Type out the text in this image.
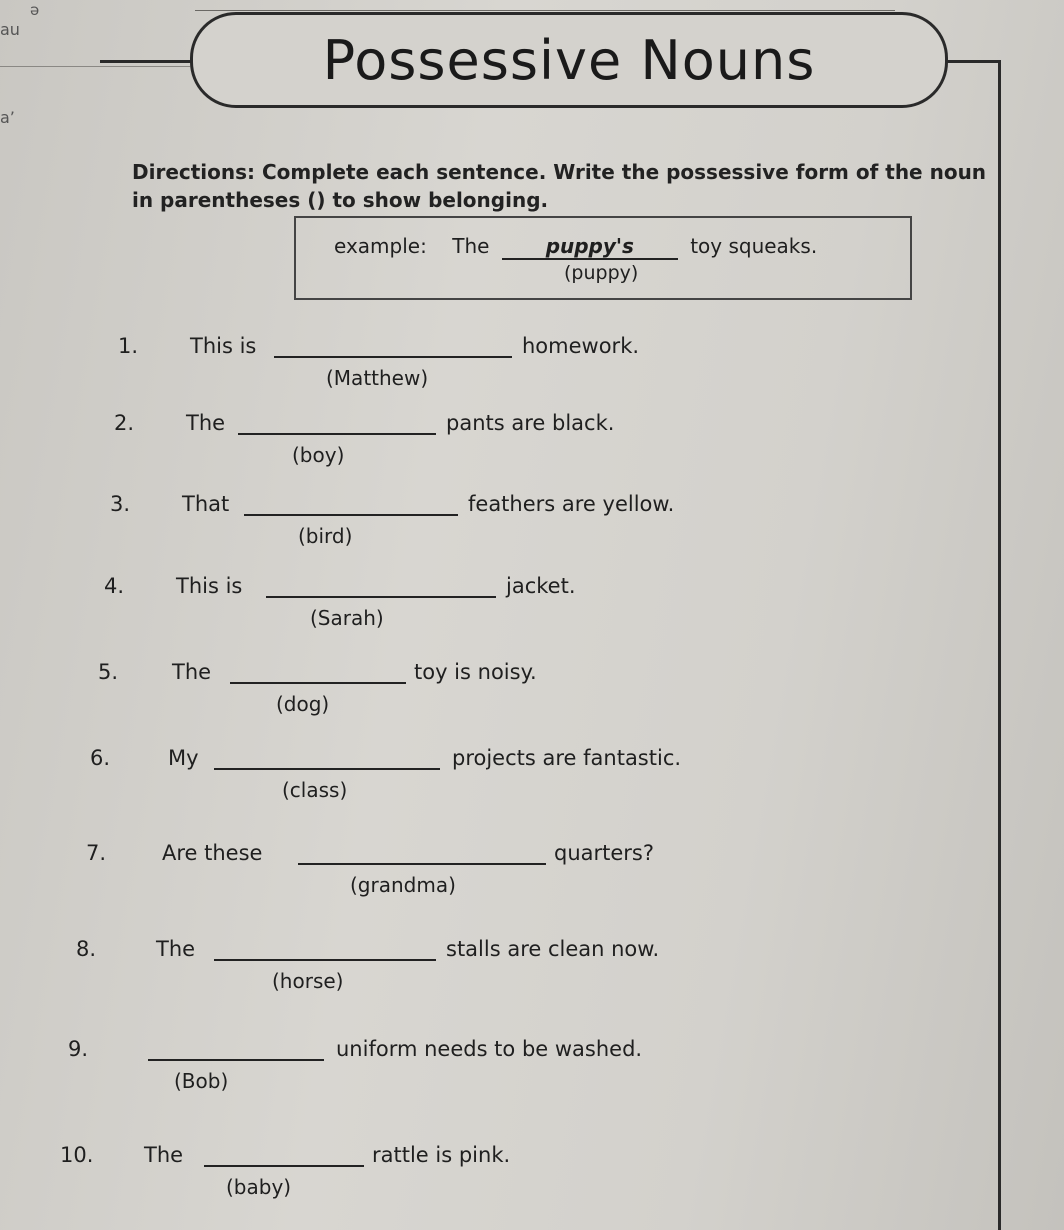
ə
au
a’
Possessive Nouns
Directions: Complete each sentence. Write the possessive form of the noun in parentheses () to show belonging.
example: The	puppy's	toy squeaks.
(puppy)
1. This is	homework.
(Matthew)
2. The	pants are black.
(boy)
3. That	feathers are yellow.
(bird)
4. This is	jacket.
(Sarah)
5.	The	toy is noisy.
(dog)
6.	My	projects are fantastic.
(class)
7.	Are these	quarters?
(grandma)
8.	The	stalls are clean now.
(horse)
9.	uniform needs to be washed.
(Bob)
10. The	rattle is pink.
(baby)
